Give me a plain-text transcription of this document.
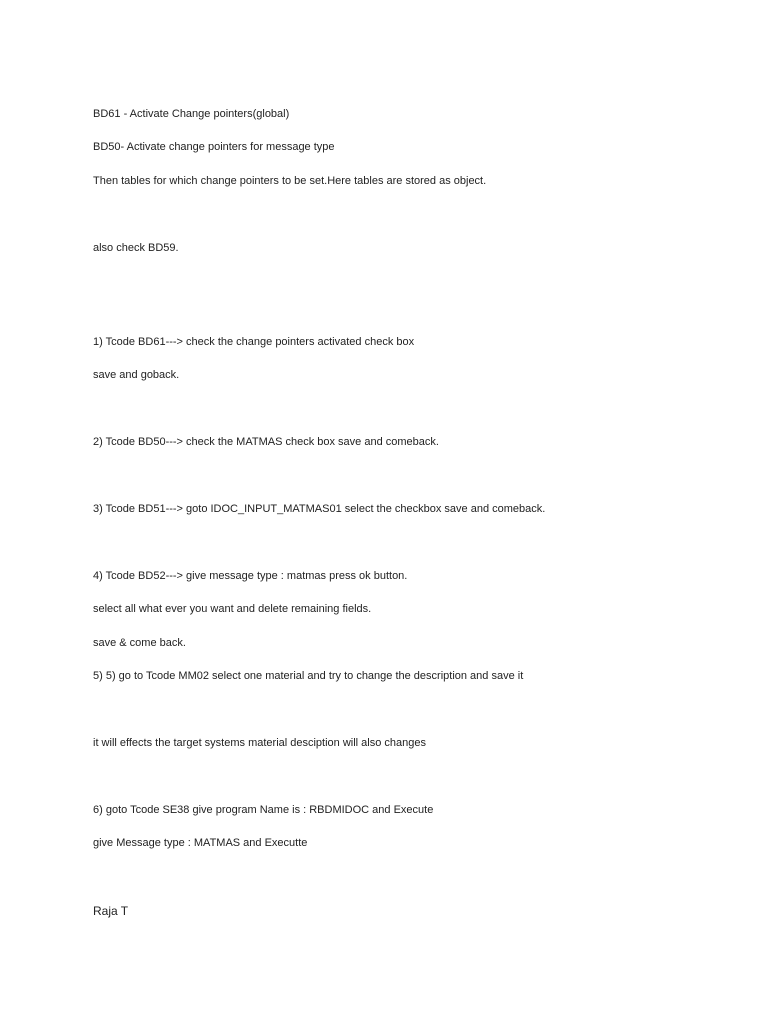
BD61 - Activate Change pointers(global)
BD50- Activate change pointers for message type
Then tables for which change pointers to be set.Here tables are stored as object.
also check BD59.
1) Tcode BD61---> check the change pointers activated check box
save and goback.
2) Tcode BD50---> check the MATMAS check box save and comeback.
3) Tcode BD51---> goto IDOC_INPUT_MATMAS01 select the checkbox save and comeback.
4) Tcode BD52---> give message type : matmas press ok button.
select all what ever you want and delete remaining fields.
save & come back.
5) 5) go to Tcode MM02 select one material and try to change the description and save it
it will effects the target systems material desciption will also changes
6) goto Tcode SE38 give program Name is : RBDMIDOC and Execute
give Message type : MATMAS and Executte
Raja T
